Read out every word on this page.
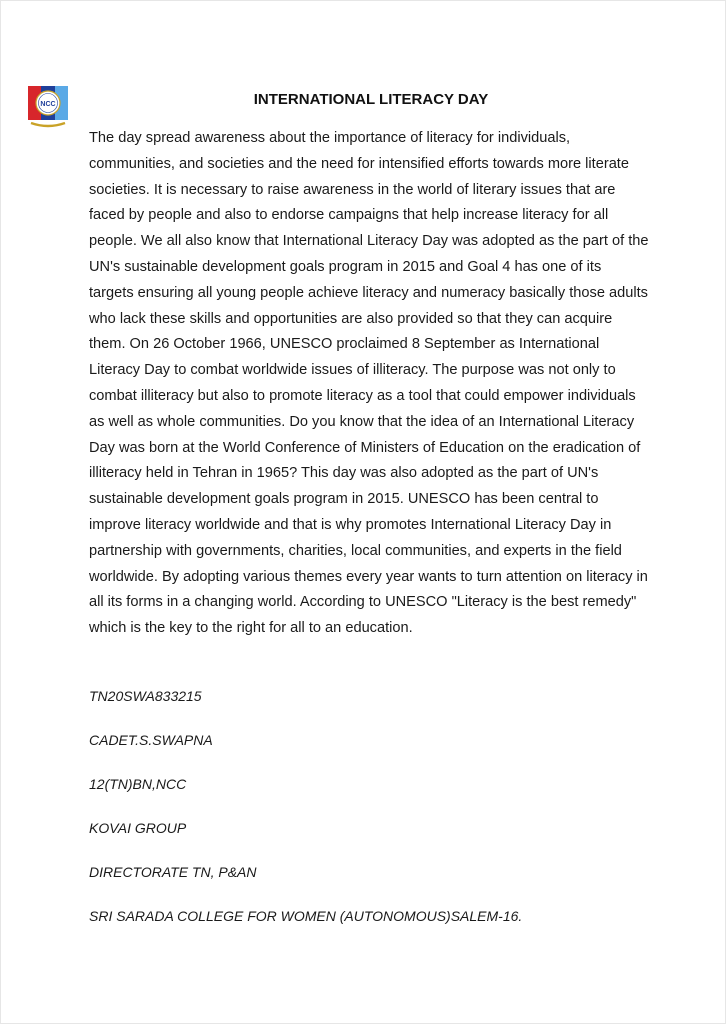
NCC	INTERNATIONAL LITERACY DAY

The day spread awareness about the importance of literacy for individuals, communities, and societies and the need for intensified efforts towards more literate societies. It is necessary to raise awareness in the world of literary issues that are faced by people and also to endorse campaigns that help increase literacy for all people. We all also know that International Literacy Day was adopted as the part of the UN's sustainable development goals program in 2015 and Goal 4 has one of its targets ensuring all young people achieve literacy and numeracy basically those adults who lack these skills and opportunities are also provided so that they can acquire them. On 26 October 1966, UNESCO proclaimed 8 September as International Literacy Day to combat worldwide issues of illiteracy. The purpose was not only to combat illiteracy but also to promote literacy as a tool that could empower individuals as well as whole communities. Do you know that the idea of an International Literacy Day was born at the World Conference of Ministers of Education on the eradication of illiteracy held in Tehran in 1965? This day was also adopted as the part of UN's sustainable development goals program in 2015. UNESCO has been central to improve literacy worldwide and that is why promotes International Literacy Day in partnership with governments, charities, local communities, and experts in the field worldwide. By adopting various themes every year wants to turn attention on literacy in all its forms in a changing world. According to UNESCO "Literacy is the best remedy" which is the key to the right for all to an education.

TN20SWA833215

CADET.S.SWAPNA

12(TN)BN,NCC

KOVAI GROUP

DIRECTORATE TN, P&AN

SRI SARADA COLLEGE FOR WOMEN (AUTONOMOUS)SALEM-16.
